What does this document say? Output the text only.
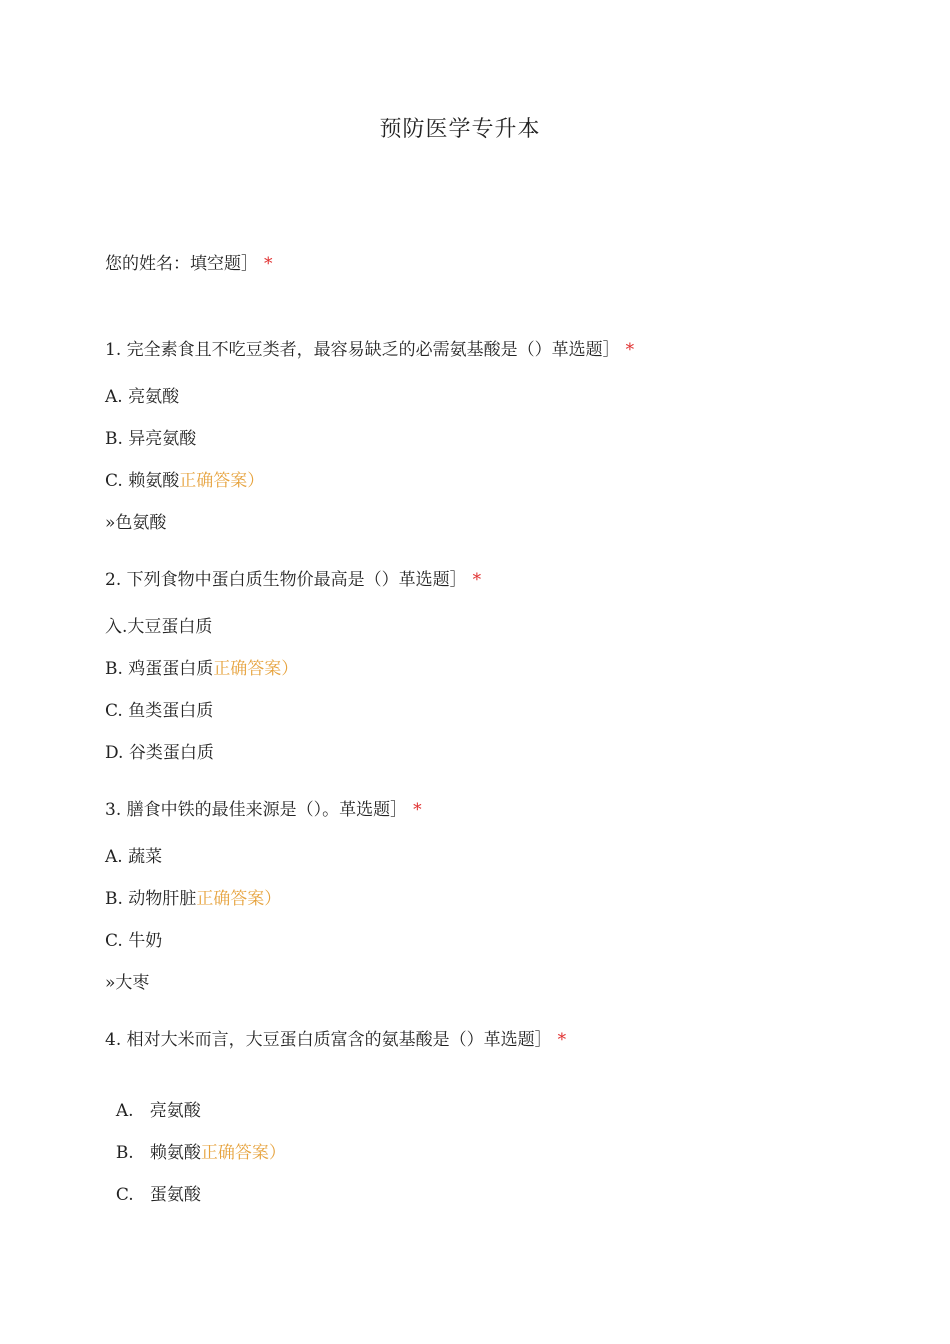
预防医学专升本
您的姓名：填空题］ *
1. 完全素食且不吃豆类者，最容易缺乏的必需氨基酸是（）革选题］ *
A. 亮氨酸
B. 异亮氨酸
C. 赖氨酸正确答案）
»色氨酸
2. 下列食物中蛋白质生物价最高是（）革选题］ *
入.大豆蛋白质
B. 鸡蛋蛋白质正确答案）
C. 鱼类蛋白质
D. 谷类蛋白质
3. 膳食中铁的最佳来源是（）。革选题］ *
A. 蔬菜
B. 动物肝脏正确答案）
C. 牛奶
»大枣
4. 相对大米而言，大豆蛋白质富含的氨基酸是（）革选题］ *

A.   亮氨酸

B.   赖氨酸正确答案）

C.   蛋氨酸
